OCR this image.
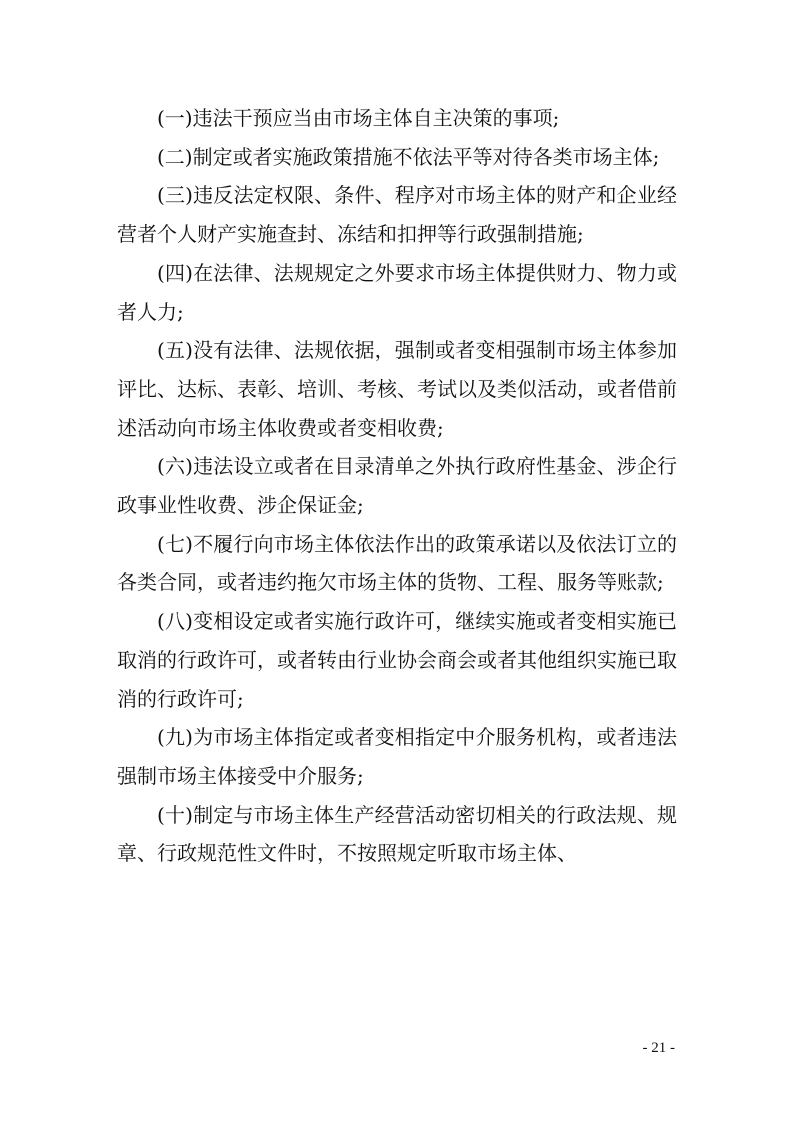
(一)违法干预应当由市场主体自主决策的事项;

(二)制定或者实施政策措施不依法平等对待各类市场主体;

(三)违反法定权限、条件、程序对市场主体的财产和企业经营者个人财产实施查封、冻结和扣押等行政强制措施;

(四)在法律、法规规定之外要求市场主体提供财力、物力或者人力;

(五)没有法律、法规依据，强制或者变相强制市场主体参加评比、达标、表彰、培训、考核、考试以及类似活动，或者借前述活动向市场主体收费或者变相收费;

(六)违法设立或者在目录清单之外执行政府性基金、涉企行政事业性收费、涉企保证金;

(七)不履行向市场主体依法作出的政策承诺以及依法订立的各类合同，或者违约拖欠市场主体的货物、工程、服务等账款;

(八)变相设定或者实施行政许可，继续实施或者变相实施已取消的行政许可，或者转由行业协会商会或者其他组织实施已取消的行政许可;

(九)为市场主体指定或者变相指定中介服务机构，或者违法强制市场主体接受中介服务;

(十)制定与市场主体生产经营活动密切相关的行政法规、规章、行政规范性文件时，不按照规定听取市场主体、

- 21 -
